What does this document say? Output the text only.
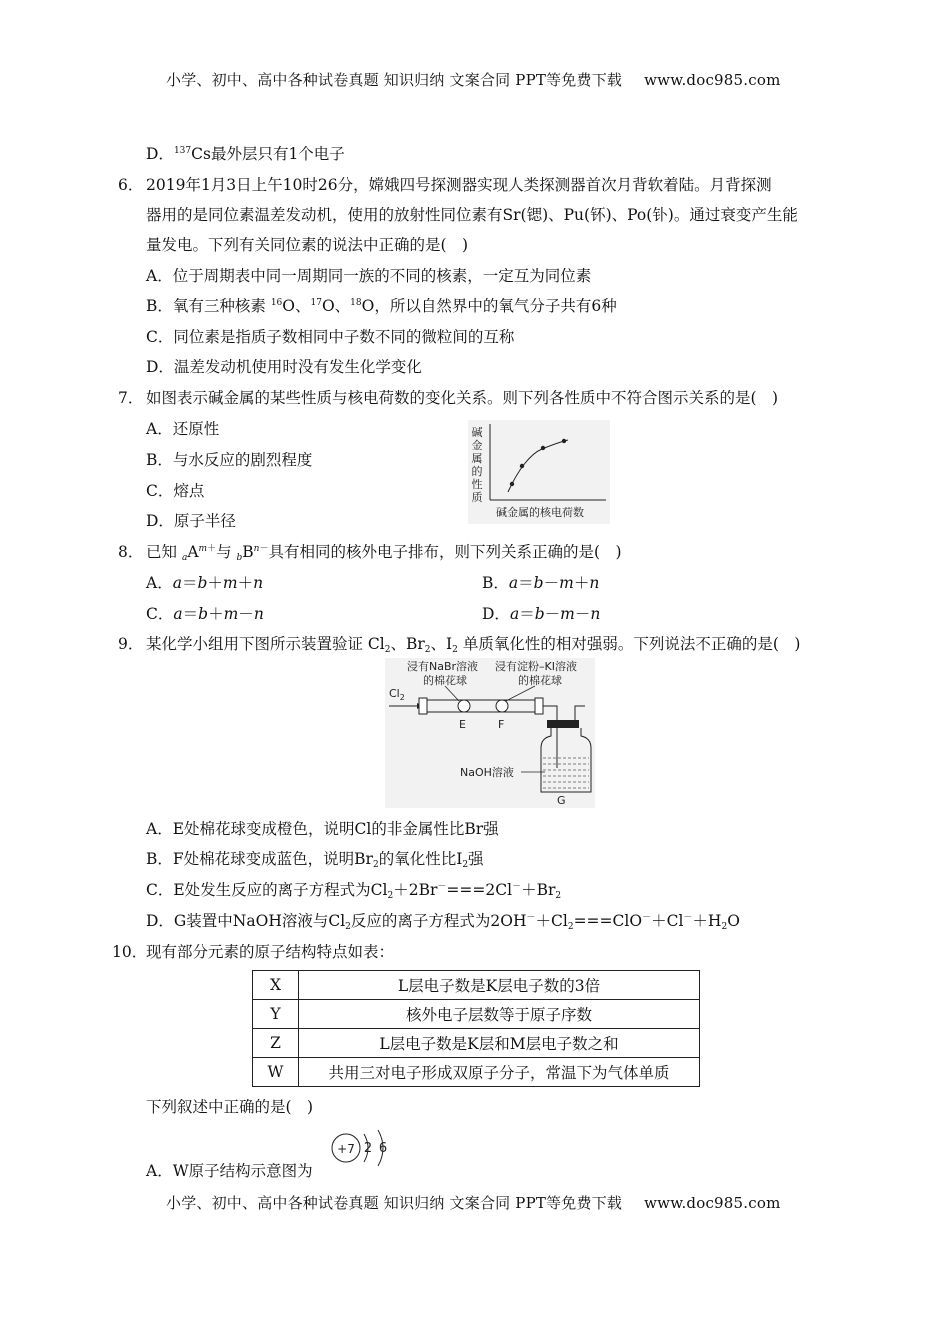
小学、初中、高中各种试卷真题 知识归纳 文案合同 PPT等免费下载 www.doc985.com
D．$^{137}$Cs最外层只有1个电子
6． 2019年1月3日上午10时26分，嫦娥四号探测器实现人类探测器首次月背软着陆。月背探测
器用的是同位素温差发动机，使用的放射性同位素有Sr(锶)、Pu(钚)、Po(钋)。通过衰变产生能
量发电。下列有关同位素的说法中正确的是(　)
A．位于周期表中同一周期同一族的不同的核素，一定互为同位素
B．氧有三种核素 $^{16}$O、$^{17}$O、$^{18}$O，所以自然界中的氧气分子共有6种
C．同位素是指质子数相同中子数不同的微粒间的互称
D．温差发动机使用时没有发生化学变化
7． 如图表示碱金属的某些性质与核电荷数的变化关系。则下列各性质中不符合图示关系的是(　)
A．还原性
B．与水反应的剧烈程度
C．熔点
D．原子半径
碱
金
属
的
性
质
碱金属的核电荷数
8． 已知 $_aA^{m+}$与 $_bB^{n-}$具有相同的核外电子排布，则下列关系正确的是(　)
A．a＝b＋m＋n	B．a＝b－m＋n
C．a＝b＋m－n	D．a＝b－m－n
9． 某化学小组用下图所示装置验证 $Cl_2$、$Br_2$、$I_2$ 单质氧化性的相对强弱。下列说法不正确的是(　)
浸有NaBr溶液
的棉花球
浸有淀粉–KI溶液
的棉花球
$Cl_2$
E	F
NaOH溶液
G
A．E处棉花球变成橙色，说明Cl的非金属性比Br强
B．F处棉花球变成蓝色，说明$Br_2$的氧化性比$I_2$强
C．E处发生反应的离子方程式为$Cl_2+2Br^-===2Cl^-+Br_2$
D．G装置中NaOH溶液与$Cl_2$反应的离子方程式为$2OH^-+Cl_2===ClO^-+Cl^-+H_2O$
10．
现有部分元素的原子结构特点如表：
X	L层电子数是K层电子数的3倍
Y	核外电子层数等于原子序数
Z	L层电子数是K层和M层电子数之和
W	共用三对电子形成双原子分子，常温下为气体单质
下列叙述中正确的是(　)
A．W原子结构示意图为
+7 2 6
小学、初中、高中各种试卷真题 知识归纳 文案合同 PPT等免费下载 www.doc985.com
